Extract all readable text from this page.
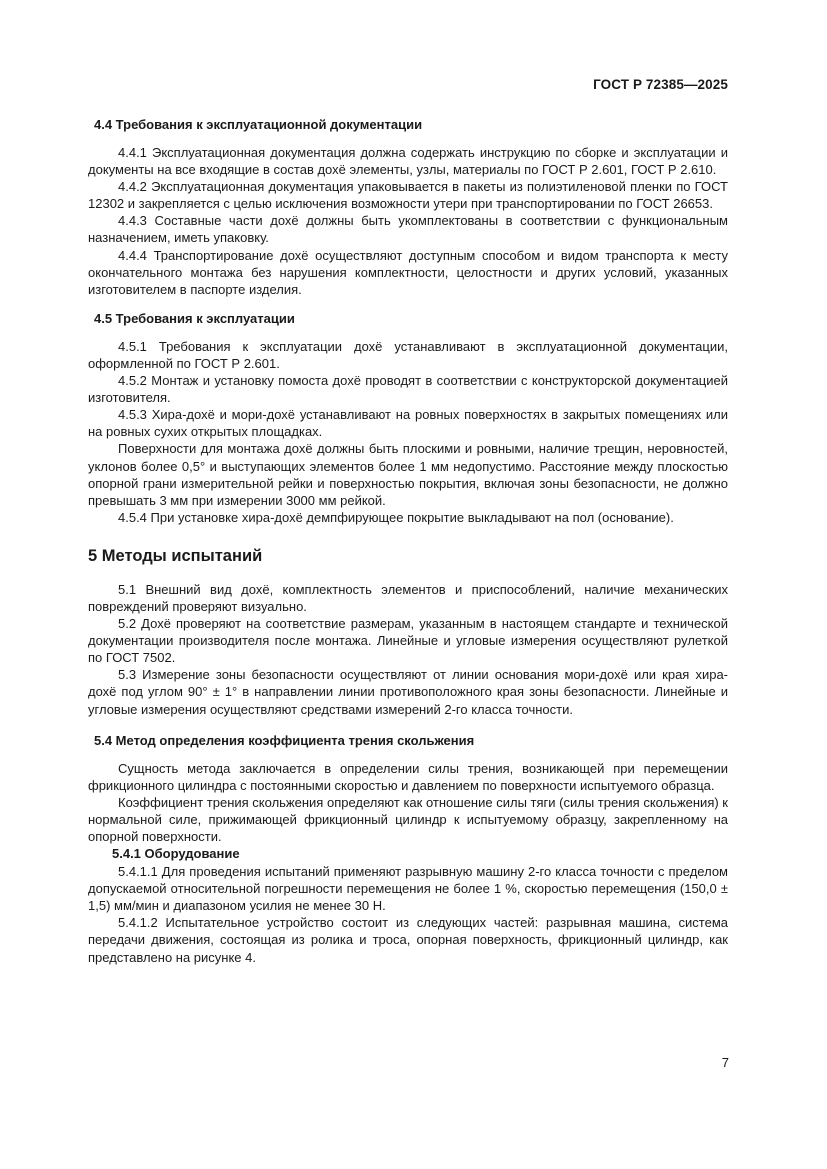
ГОСТ Р 72385—2025
4.4 Требования к эксплуатационной документации

4.4.1 Эксплуатационная документация должна содержать инструкцию по сборке и эксплуатации и документы на все входящие в состав дохё элементы, узлы, материалы по ГОСТ Р 2.601, ГОСТ Р 2.610.

4.4.2 Эксплуатационная документация упаковывается в пакеты из полиэтиленовой пленки по ГОСТ 12302 и закрепляется с целью исключения возможности утери при транспортировании по ГОСТ 26653.

4.4.3 Составные части дохё должны быть укомплектованы в соответствии с функциональным назначением, иметь упаковку.

4.4.4 Транспортирование дохё осуществляют доступным способом и видом транспорта к месту окончательного монтажа без нарушения комплектности, целостности и других условий, указанных изготовителем в паспорте изделия.

4.5 Требования к эксплуатации

4.5.1 Требования к эксплуатации дохё устанавливают в эксплуатационной документации, оформленной по ГОСТ Р 2.601.

4.5.2 Монтаж и установку помоста дохё проводят в соответствии с конструкторской документацией изготовителя.

4.5.3 Хира-дохё и мори-дохё устанавливают на ровных поверхностях в закрытых помещениях или на ровных сухих открытых площадках.

Поверхности для монтажа дохё должны быть плоскими и ровными, наличие трещин, неровностей, уклонов более 0,5° и выступающих элементов более 1 мм недопустимо. Расстояние между плоскостью опорной грани измерительной рейки и поверхностью покрытия, включая зоны безопасности, не должно превышать 3 мм при измерении 3000 мм рейкой.

4.5.4 При установке хира-дохё демпфирующее покрытие выкладывают на пол (основание).

5 Методы испытаний

5.1 Внешний вид дохё, комплектность элементов и приспособлений, наличие механических повреждений проверяют визуально.

5.2 Дохё проверяют на соответствие размерам, указанным в настоящем стандарте и технической документации производителя после монтажа. Линейные и угловые измерения осуществляют рулеткой по ГОСТ 7502.

5.3 Измерение зоны безопасности осуществляют от линии основания мори-дохё или края хира-дохё под углом 90° ± 1° в направлении линии противоположного края зоны безопасности. Линейные и угловые измерения осуществляют средствами измерений 2-го класса точности.

5.4 Метод определения коэффициента трения скольжения

Сущность метода заключается в определении силы трения, возникающей при перемещении фрикционного цилиндра с постоянными скоростью и давлением по поверхности испытуемого образца.

Коэффициент трения скольжения определяют как отношение силы тяги (силы трения скольжения) к нормальной силе, прижимающей фрикционный цилиндр к испытуемому образцу, закрепленному на опорной поверхности.

5.4.1 Оборудование

5.4.1.1 Для проведения испытаний применяют разрывную машину 2-го класса точности с пределом допускаемой относительной погрешности перемещения не более 1 %, скоростью перемещения (150,0 ± 1,5) мм/мин и диапазоном усилия не менее 30 Н.

5.4.1.2 Испытательное устройство состоит из следующих частей: разрывная машина, система передачи движения, состоящая из ролика и троса, опорная поверхность, фрикционный цилиндр, как представлено на рисунке 4.

7
